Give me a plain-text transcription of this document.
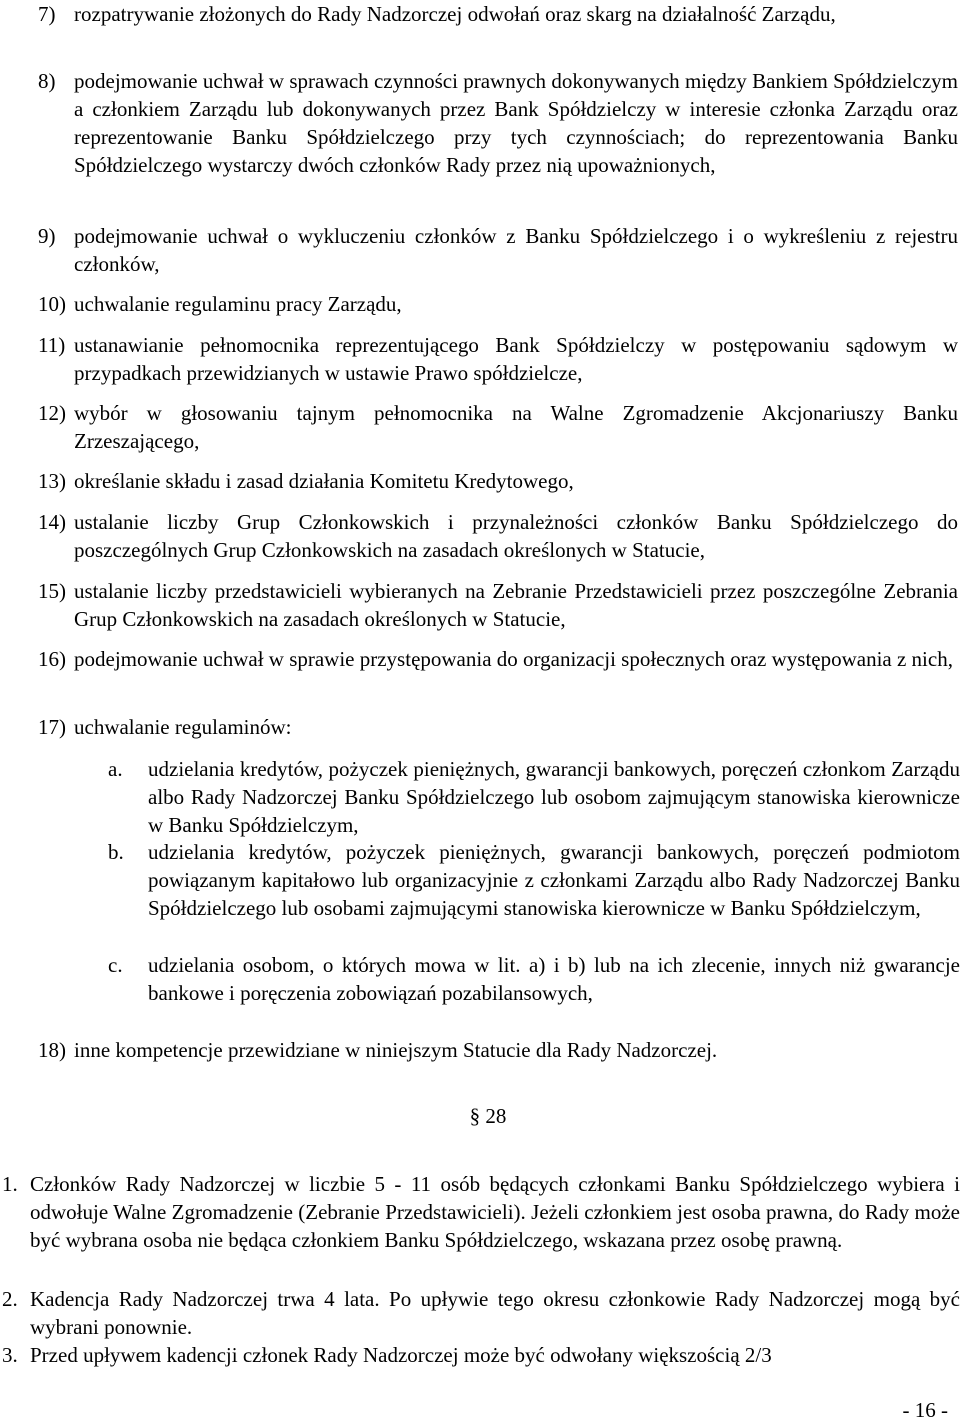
7) rozpatrywanie złożonych do Rady Nadzorczej odwołań oraz skarg na działalność Zarządu,
8) podejmowanie uchwał w sprawach czynności prawnych dokonywanych między Bankiem Spółdzielczym a członkiem Zarządu lub dokonywanych przez Bank Spółdzielczy w interesie członka Zarządu oraz reprezentowanie Banku Spółdzielczego przy tych czynnościach; do reprezentowania Banku Spółdzielczego wystarczy dwóch członków Rady przez nią upoważnionych,
9) podejmowanie uchwał o wykluczeniu członków z Banku Spółdzielczego i o wykreśleniu z rejestru członków,
10) uchwalanie regulaminu pracy Zarządu,
11) ustanawianie pełnomocnika reprezentującego Bank Spółdzielczy w postępowaniu sądowym w przypadkach przewidzianych w ustawie Prawo spółdzielcze,
12) wybór w głosowaniu tajnym pełnomocnika na Walne Zgromadzenie Akcjonariuszy Banku Zrzeszającego,
13) określanie składu i zasad działania Komitetu Kredytowego,
14) ustalanie liczby Grup Członkowskich i przynależności członków Banku Spółdzielczego do poszczególnych Grup Członkowskich na zasadach określonych w Statucie,
15) ustalanie liczby przedstawicieli wybieranych na Zebranie Przedstawicieli przez poszczególne Zebrania Grup Członkowskich na zasadach określonych w Statucie,
16) podejmowanie uchwał w sprawie przystępowania do organizacji społecznych oraz występowania z nich,
17) uchwalanie regulaminów:
a.	udzielania kredytów, pożyczek pieniężnych, gwarancji bankowych, poręczeń członkom Zarządu albo Rady Nadzorczej Banku Spółdzielczego lub osobom zajmującym stanowiska kierownicze w Banku Spółdzielczym,
b.	udzielania kredytów, pożyczek pieniężnych, gwarancji bankowych, poręczeń podmiotom powiązanym kapitałowo lub organizacyjnie z członkami Zarządu albo Rady Nadzorczej Banku Spółdzielczego lub osobami zajmującymi stanowiska kierownicze w Banku Spółdzielczym,
c.	udzielania osobom, o których mowa w lit. a) i b) lub na ich zlecenie, innych niż gwarancje bankowe i poręczenia zobowiązań pozabilansowych,
18) inne kompetencje przewidziane w niniejszym Statucie dla Rady Nadzorczej.
§ 28
1. Członków Rady Nadzorczej w liczbie 5 - 11 osób będących członkami Banku Spółdzielczego wybiera i odwołuje Walne Zgromadzenie (Zebranie Przedstawicieli). Jeżeli członkiem jest osoba prawna, do Rady może być wybrana osoba nie będąca członkiem Banku Spółdzielczego, wskazana przez osobę prawną.
2. Kadencja Rady Nadzorczej trwa 4 lata. Po upływie tego okresu członkowie Rady Nadzorczej mogą być wybrani ponownie.
3. Przed upływem kadencji członek Rady Nadzorczej może być odwołany większością 2/3
- 16 -
